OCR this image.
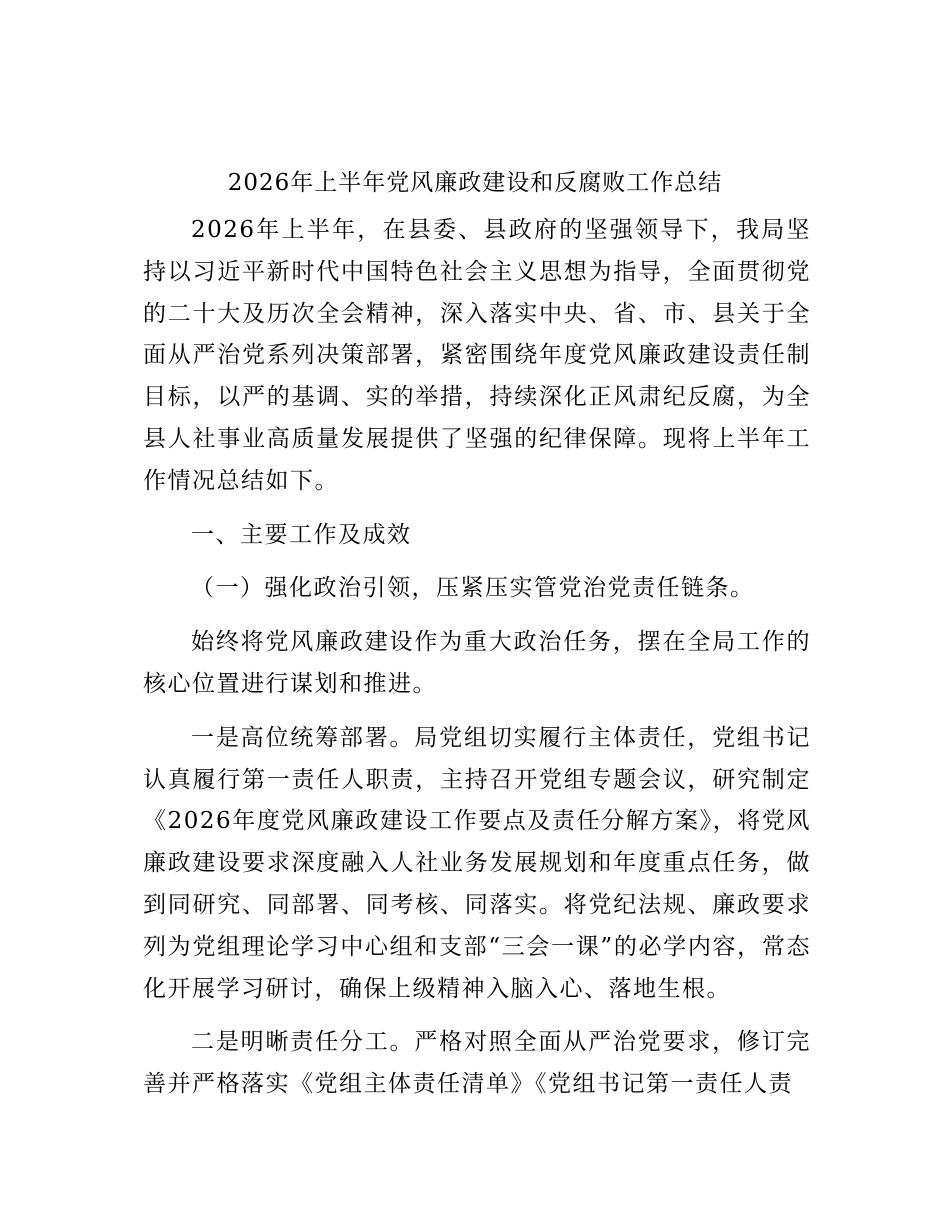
2026年上半年党风廉政建设和反腐败工作总结

2026年上半年，在县委、县政府的坚强领导下，我局坚持以习近平新时代中国特色社会主义思想为指导，全面贯彻党的二十大及历次全会精神，深入落实中央、省、市、县关于全面从严治党系列决策部署，紧密围绕年度党风廉政建设责任制目标，以严的基调、实的举措，持续深化正风肃纪反腐，为全县人社事业高质量发展提供了坚强的纪律保障。现将上半年工作情况总结如下。

一、主要工作及成效

（一）强化政治引领，压紧压实管党治党责任链条。

始终将党风廉政建设作为重大政治任务，摆在全局工作的核心位置进行谋划和推进。

一是高位统筹部署。局党组切实履行主体责任，党组书记认真履行第一责任人职责，主持召开党组专题会议，研究制定《2026年度党风廉政建设工作要点及责任分解方案》，将党风廉政建设要求深度融入人社业务发展规划和年度重点任务，做到同研究、同部署、同考核、同落实。将党纪法规、廉政要求列为党组理论学习中心组和支部“三会一课”的必学内容，常态化开展学习研讨，确保上级精神入脑入心、落地生根。

二是明晰责任分工。严格对照全面从严治党要求，修订完善并严格落实《党组主体责任清单》《党组书记第一责任人责
